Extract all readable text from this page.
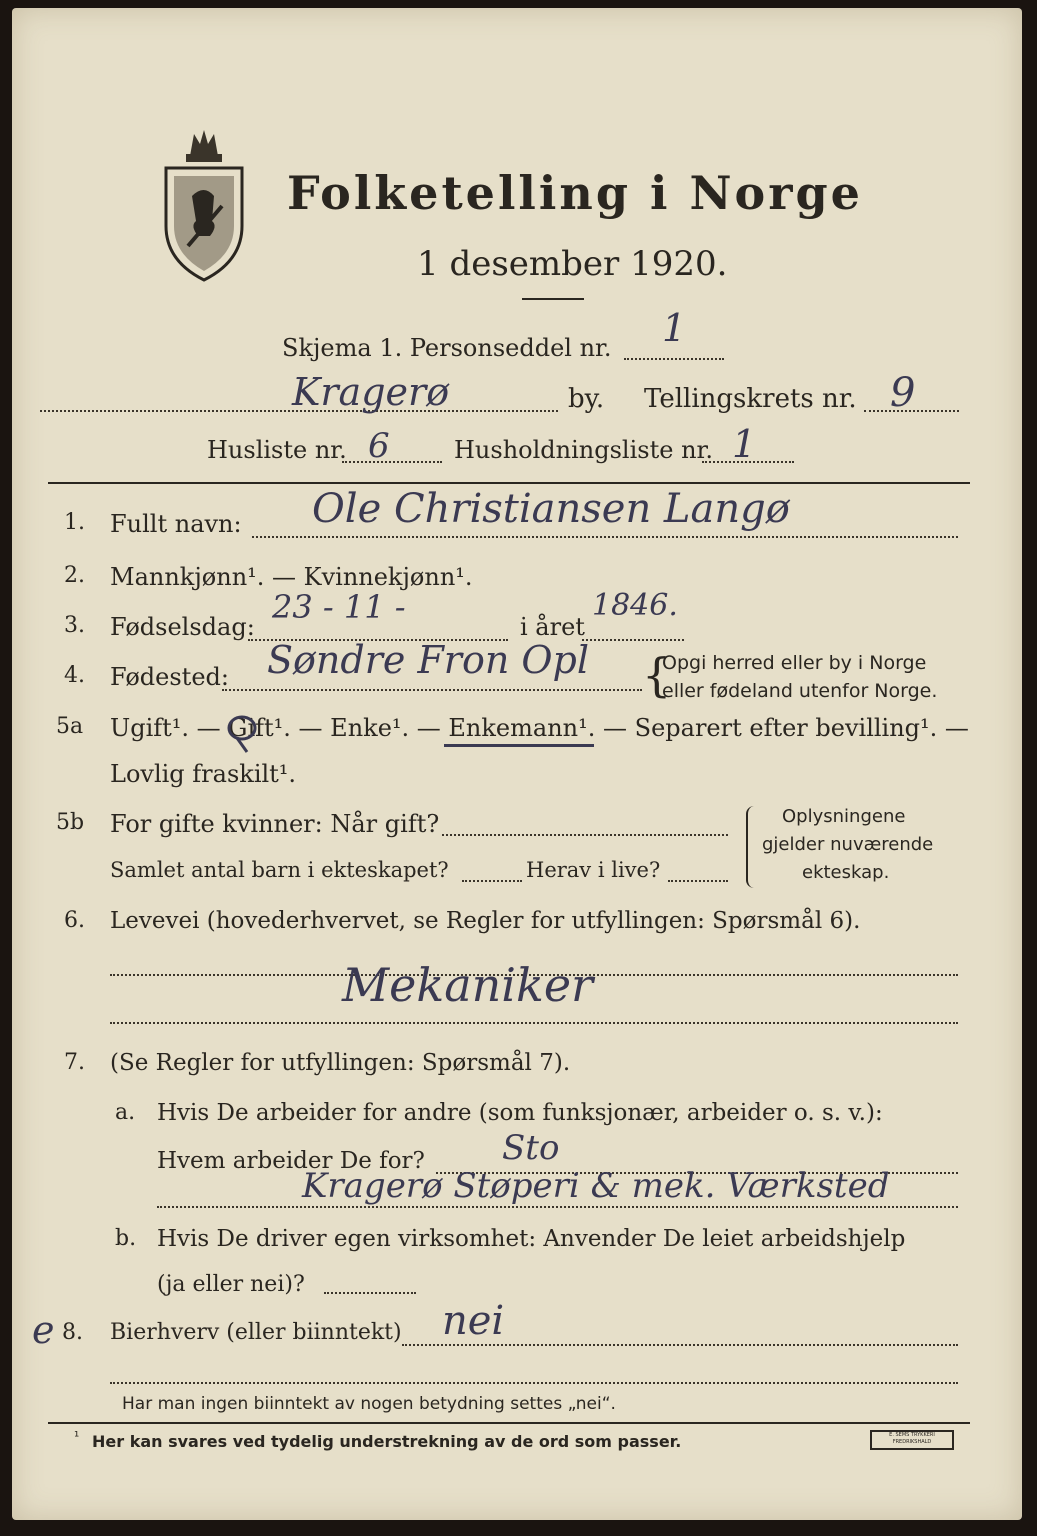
Folketelling i Norge
1 desember 1920.
Skjema 1. Personseddel nr. 1
Kragerø	by. Tellingskrets nr. 9
Husliste nr. 6	Husholdningsliste nr. 1
1. Fullt navn: Ole Christiansen Langø
2. Mannkjønn¹. — Kvinnekjønn¹.
3. Fødselsdag:
23 - 11 -
i året
1846.
4. Fødested: Søndre Fron Opl {
Opgi herred eller by i Norge
eller fødeland utenfor Norge.
5a Ugift¹. — Gift¹. — Enke¹. — Enkemann¹. — Separert efter bevilling¹. —
Lovlig fraskilt¹.
5b For gifte kvinner: Når gift?
Samlet antal barn i ekteskapet?	Herav i live?
Oplysningene
gjelder nuværende
ekteskap.
6. Levevei (hovederhvervet, se Regler for utfyllingen: Spørsmål 6).
Mekaniker
7. (Se Regler for utfyllingen: Spørsmål 7).
a. Hvis De arbeider for andre (som funksjonær, arbeider o. s. v.):
Hvem arbeider De for? Sto
Kragerø Støperi & mek. Værksted
b. Hvis De driver egen virksomhet: Anvender De leiet arbeidshjelp
(ja eller nei)?
e 8. Bierhverv (eller biinntekt) nei
Har man ingen biinntekt av nogen betydning settes „nei“.
¹ Her kan svares ved tydelig understrekning av de ord som passer.	E. SEMS TRYKKERI FREDRIKSHALD
